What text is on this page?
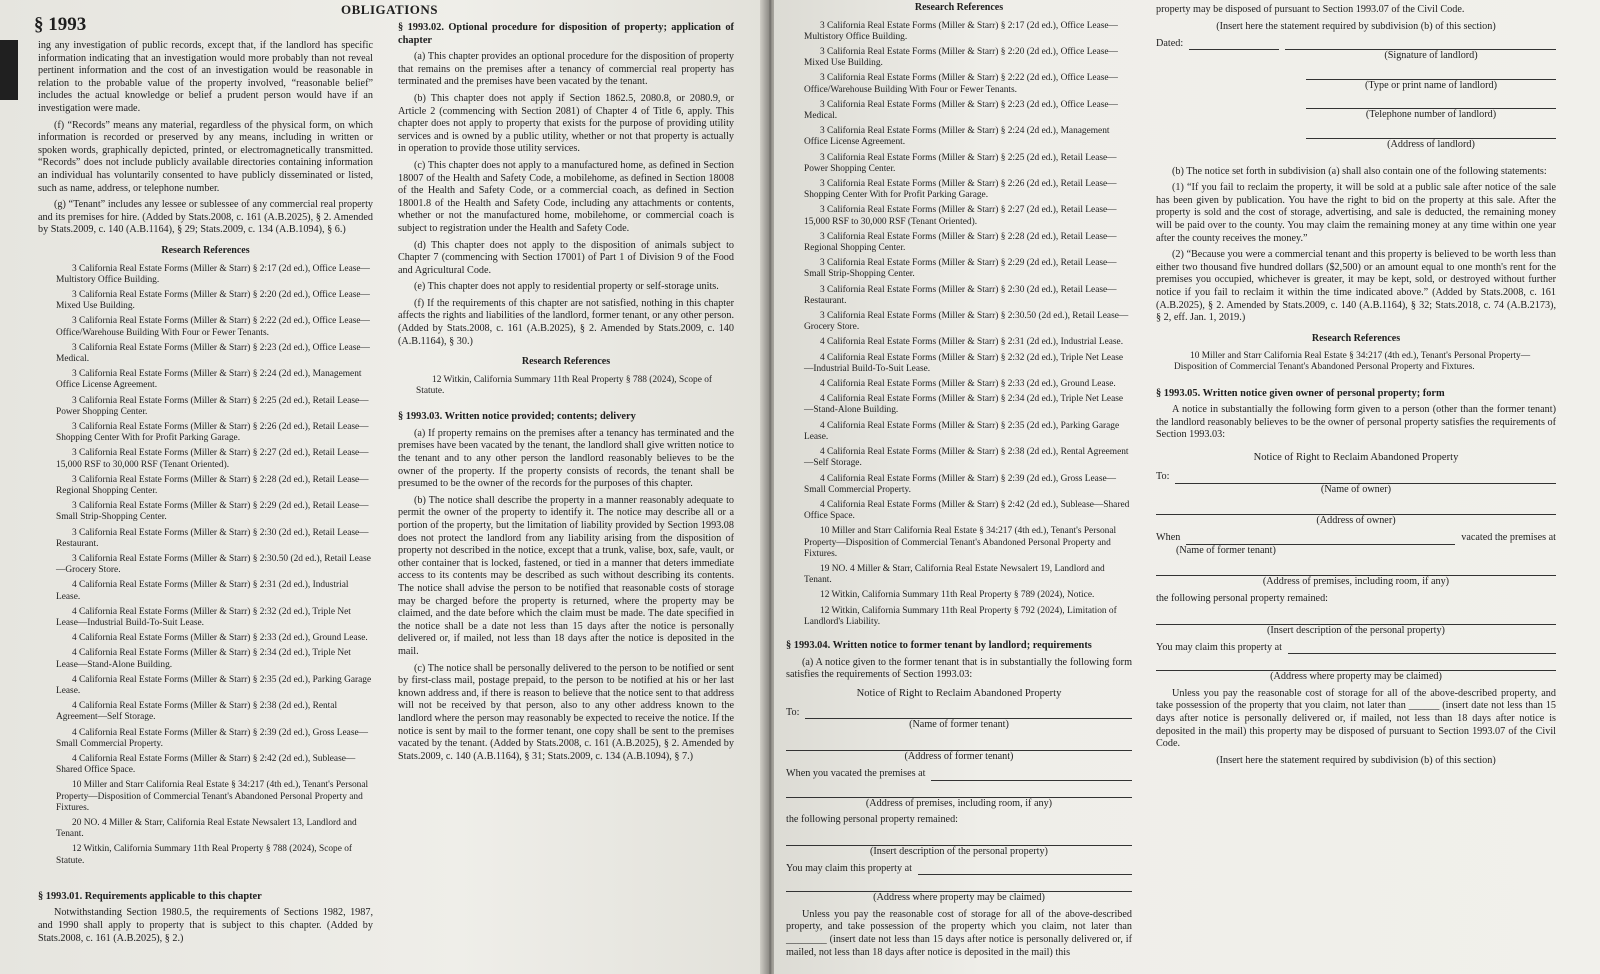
§ 1993
OBLIGATIONS

ing any investigation of public records, except that, if the landlord has specific information indicating that an investigation would more probably than not reveal pertinent information and the cost of an investigation would be reasonable in relation to the probable value of the property involved, “reasonable belief” includes the actual knowledge or belief a prudent person would have if an investigation were made.

(f) “Records” means any material, regardless of the physical form, on which information is recorded or preserved by any means, including in written or spoken words, graphically depicted, printed, or electromagnetically transmitted. “Records” does not include publicly available directories containing information an individual has voluntarily consented to have publicly disseminated or listed, such as name, address, or telephone number.

(g) “Tenant” includes any lessee or sublessee of any commercial real property and its premises for hire. (Added by Stats.2008, c. 161 (A.B.2025), § 2. Amended by Stats.2009, c. 140 (A.B.1164), § 29; Stats.2009, c. 134 (A.B.1094), § 6.)

Research References

3 California Real Estate Forms (Miller & Starr) § 2:17 (2d ed.), Office Lease—Multistory Office Building.

3 California Real Estate Forms (Miller & Starr) § 2:20 (2d ed.), Office Lease—Mixed Use Building.

3 California Real Estate Forms (Miller & Starr) § 2:22 (2d ed.), Office Lease—Office/Warehouse Building With Four or Fewer Tenants.

3 California Real Estate Forms (Miller & Starr) § 2:23 (2d ed.), Office Lease—Medical.

3 California Real Estate Forms (Miller & Starr) § 2:24 (2d ed.), Management Office License Agreement.

3 California Real Estate Forms (Miller & Starr) § 2:25 (2d ed.), Retail Lease—Power Shopping Center.

3 California Real Estate Forms (Miller & Starr) § 2:26 (2d ed.), Retail Lease—Shopping Center With for Profit Parking Garage.

3 California Real Estate Forms (Miller & Starr) § 2:27 (2d ed.), Retail Lease—15,000 RSF to 30,000 RSF (Tenant Oriented).

3 California Real Estate Forms (Miller & Starr) § 2:28 (2d ed.), Retail Lease—Regional Shopping Center.

3 California Real Estate Forms (Miller & Starr) § 2:29 (2d ed.), Retail Lease—Small Strip-Shopping Center.

3 California Real Estate Forms (Miller & Starr) § 2:30 (2d ed.), Retail Lease—Restaurant.

3 California Real Estate Forms (Miller & Starr) § 2:30.50 (2d ed.), Retail Lease—Grocery Store.

4 California Real Estate Forms (Miller & Starr) § 2:31 (2d ed.), Industrial Lease.

4 California Real Estate Forms (Miller & Starr) § 2:32 (2d ed.), Triple Net Lease—Industrial Build-To-Suit Lease.

4 California Real Estate Forms (Miller & Starr) § 2:33 (2d ed.), Ground Lease.

4 California Real Estate Forms (Miller & Starr) § 2:34 (2d ed.), Triple Net Lease—Stand-Alone Building.

4 California Real Estate Forms (Miller & Starr) § 2:35 (2d ed.), Parking Garage Lease.

4 California Real Estate Forms (Miller & Starr) § 2:38 (2d ed.), Rental Agreement—Self Storage.

4 California Real Estate Forms (Miller & Starr) § 2:39 (2d ed.), Gross Lease—Small Commercial Property.

4 California Real Estate Forms (Miller & Starr) § 2:42 (2d ed.), Sublease—Shared Office Space.

10 Miller and Starr California Real Estate § 34:217 (4th ed.), Tenant's Personal Property—Disposition of Commercial Tenant's Abandoned Personal Property and Fixtures.

20 NO. 4 Miller & Starr, California Real Estate Newsalert 13, Landlord and Tenant.

12 Witkin, California Summary 11th Real Property § 788 (2024), Scope of Statute.

§ 1993.01. Requirements applicable to this chapter

Notwithstanding Section 1980.5, the requirements of Sections 1982, 1987, and 1990 shall apply to property that is subject to this chapter. (Added by Stats.2008, c. 161 (A.B.2025), § 2.)

§ 1993.02. Optional procedure for disposition of property; application of chapter

(a) This chapter provides an optional procedure for the disposition of property that remains on the premises after a tenancy of commercial real property has terminated and the premises have been vacated by the tenant.

(b) This chapter does not apply if Section 1862.5, 2080.8, or 2080.9, or Article 2 (commencing with Section 2081) of Chapter 4 of Title 6, apply. This chapter does not apply to property that exists for the purpose of providing utility services and is owned by a public utility, whether or not that property is actually in operation to provide those utility services.

(c) This chapter does not apply to a manufactured home, as defined in Section 18007 of the Health and Safety Code, a mobilehome, as defined in Section 18008 of the Health and Safety Code, or a commercial coach, as defined in Section 18001.8 of the Health and Safety Code, including any attachments or contents, whether or not the manufactured home, mobilehome, or commercial coach is subject to registration under the Health and Safety Code.

(d) This chapter does not apply to the disposition of animals subject to Chapter 7 (commencing with Section 17001) of Part 1 of Division 9 of the Food and Agricultural Code.

(e) This chapter does not apply to residential property or self-storage units.

(f) If the requirements of this chapter are not satisfied, nothing in this chapter affects the rights and liabilities of the landlord, former tenant, or any other person. (Added by Stats.2008, c. 161 (A.B.2025), § 2. Amended by Stats.2009, c. 140 (A.B.1164), § 30.)

Research References

12 Witkin, California Summary 11th Real Property § 788 (2024), Scope of Statute.

§ 1993.03. Written notice provided; contents; delivery

(a) If property remains on the premises after a tenancy has terminated and the premises have been vacated by the tenant, the landlord shall give written notice to the tenant and to any other person the landlord reasonably believes to be the owner of the property. If the property consists of records, the tenant shall be presumed to be the owner of the records for the purposes of this chapter.

(b) The notice shall describe the property in a manner reasonably adequate to permit the owner of the property to identify it. The notice may describe all or a portion of the property, but the limitation of liability provided by Section 1993.08 does not protect the landlord from any liability arising from the disposition of property not described in the notice, except that a trunk, valise, box, safe, vault, or other container that is locked, fastened, or tied in a manner that deters immediate access to its contents may be described as such without describing its contents. The notice shall advise the person to be notified that reasonable costs of storage may be charged before the property is returned, where the property may be claimed, and the date before which the claim must be made. The date specified in the notice shall be a date not less than 15 days after the notice is personally delivered or, if mailed, not less than 18 days after the notice is deposited in the mail.

(c) The notice shall be personally delivered to the person to be notified or sent by first-class mail, postage prepaid, to the person to be notified at his or her last known address and, if there is reason to believe that the notice sent to that address will not be received by that person, also to any other address known to the landlord where the person may reasonably be expected to receive the notice. If the notice is sent by mail to the former tenant, one copy shall be sent to the premises vacated by the tenant. (Added by Stats.2008, c. 161 (A.B.2025), § 2. Amended by Stats.2009, c. 140 (A.B.1164), § 31; Stats.2009, c. 134 (A.B.1094), § 7.)

Research References

3 California Real Estate Forms (Miller & Starr) § 2:17 (2d ed.), Office Lease—Multistory Office Building.

3 California Real Estate Forms (Miller & Starr) § 2:20 (2d ed.), Office Lease—Mixed Use Building.

3 California Real Estate Forms (Miller & Starr) § 2:22 (2d ed.), Office Lease—Office/Warehouse Building With Four or Fewer Tenants.

3 California Real Estate Forms (Miller & Starr) § 2:23 (2d ed.), Office Lease—Medical.

3 California Real Estate Forms (Miller & Starr) § 2:24 (2d ed.), Management Office License Agreement.

3 California Real Estate Forms (Miller & Starr) § 2:25 (2d ed.), Retail Lease—Power Shopping Center.

3 California Real Estate Forms (Miller & Starr) § 2:26 (2d ed.), Retail Lease—Shopping Center With for Profit Parking Garage.

3 California Real Estate Forms (Miller & Starr) § 2:27 (2d ed.), Retail Lease—15,000 RSF to 30,000 RSF (Tenant Oriented).

3 California Real Estate Forms (Miller & Starr) § 2:28 (2d ed.), Retail Lease—Regional Shopping Center.

3 California Real Estate Forms (Miller & Starr) § 2:29 (2d ed.), Retail Lease—Small Strip-Shopping Center.

3 California Real Estate Forms (Miller & Starr) § 2:30 (2d ed.), Retail Lease—Restaurant.

3 California Real Estate Forms (Miller & Starr) § 2:30.50 (2d ed.), Retail Lease—Grocery Store.

4 California Real Estate Forms (Miller & Starr) § 2:31 (2d ed.), Industrial Lease.

4 California Real Estate Forms (Miller & Starr) § 2:32 (2d ed.), Triple Net Lease—Industrial Build-To-Suit Lease.

4 California Real Estate Forms (Miller & Starr) § 2:33 (2d ed.), Ground Lease.

4 California Real Estate Forms (Miller & Starr) § 2:34 (2d ed.), Triple Net Lease—Stand-Alone Building.

4 California Real Estate Forms (Miller & Starr) § 2:35 (2d ed.), Parking Garage Lease.

4 California Real Estate Forms (Miller & Starr) § 2:38 (2d ed.), Rental Agreement—Self Storage.

4 California Real Estate Forms (Miller & Starr) § 2:39 (2d ed.), Gross Lease—Small Commercial Property.

4 California Real Estate Forms (Miller & Starr) § 2:42 (2d ed.), Sublease—Shared Office Space.

10 Miller and Starr California Real Estate § 34:217 (4th ed.), Tenant's Personal Property—Disposition of Commercial Tenant's Abandoned Personal Property and Fixtures.

19 NO. 4 Miller & Starr, California Real Estate Newsalert 19, Landlord and Tenant.

12 Witkin, California Summary 11th Real Property § 789 (2024), Notice.

12 Witkin, California Summary 11th Real Property § 792 (2024), Limitation of Landlord's Liability.

§ 1993.04. Written notice to former tenant by landlord; requirements

(a) A notice given to the former tenant that is in substantially the following form satisfies the requirements of Section 1993.03:

Notice of Right to Reclaim Abandoned Property
To:
(Name of former tenant)
(Address of former tenant)
When you vacated the premises at
(Address of premises, including room, if any)

the following personal property remained:

(Insert description of the personal property)
You may claim this property at
(Address where property may be claimed)

Unless you pay the reasonable cost of storage for all of the above-described property, and take possession of the property which you claim, not later than ________ (insert date not less than 15 days after notice is personally delivered or, if mailed, not less than 18 days after notice is deposited in the mail) this

property may be disposed of pursuant to Section 1993.07 of the Civil Code.

(Insert here the statement required by subdivision (b) of this section)
Dated:
(Signature of landlord)
(Type or print name of landlord)
(Telephone number of landlord)
(Address of landlord)

(b) The notice set forth in subdivision (a) shall also contain one of the following statements:

(1) “If you fail to reclaim the property, it will be sold at a public sale after notice of the sale has been given by publication. You have the right to bid on the property at this sale. After the property is sold and the cost of storage, advertising, and sale is deducted, the remaining money will be paid over to the county. You may claim the remaining money at any time within one year after the county receives the money.”

(2) “Because you were a commercial tenant and this property is believed to be worth less than either two thousand five hundred dollars ($2,500) or an amount equal to one month's rent for the premises you occupied, whichever is greater, it may be kept, sold, or destroyed without further notice if you fail to reclaim it within the time indicated above.” (Added by Stats.2008, c. 161 (A.B.2025), § 2. Amended by Stats.2009, c. 140 (A.B.1164), § 32; Stats.2018, c. 74 (A.B.2173), § 2, eff. Jan. 1, 2019.)

Research References

10 Miller and Starr California Real Estate § 34:217 (4th ed.), Tenant's Personal Property—Disposition of Commercial Tenant's Abandoned Personal Property and Fixtures.

§ 1993.05. Written notice given owner of personal property; form

A notice in substantially the following form given to a person (other than the former tenant) the landlord reasonably believes to be the owner of personal property satisfies the requirements of Section 1993.03:

Notice of Right to Reclaim Abandoned Property
To:
(Name of owner)
(Address of owner)
When	vacated the premises at
(Name of former tenant)
(Address of premises, including room, if any)

the following personal property remained:

(Insert description of the personal property)
You may claim this property at
(Address where property may be claimed)

Unless you pay the reasonable cost of storage for all of the above-described property, and take possession of the property that you claim, not later than ______ (insert date not less than 15 days after notice is personally delivered or, if mailed, not less than 18 days after notice is deposited in the mail) this property may be disposed of pursuant to Section 1993.07 of the Civil Code.

(Insert here the statement required by subdivision (b) of this section)
